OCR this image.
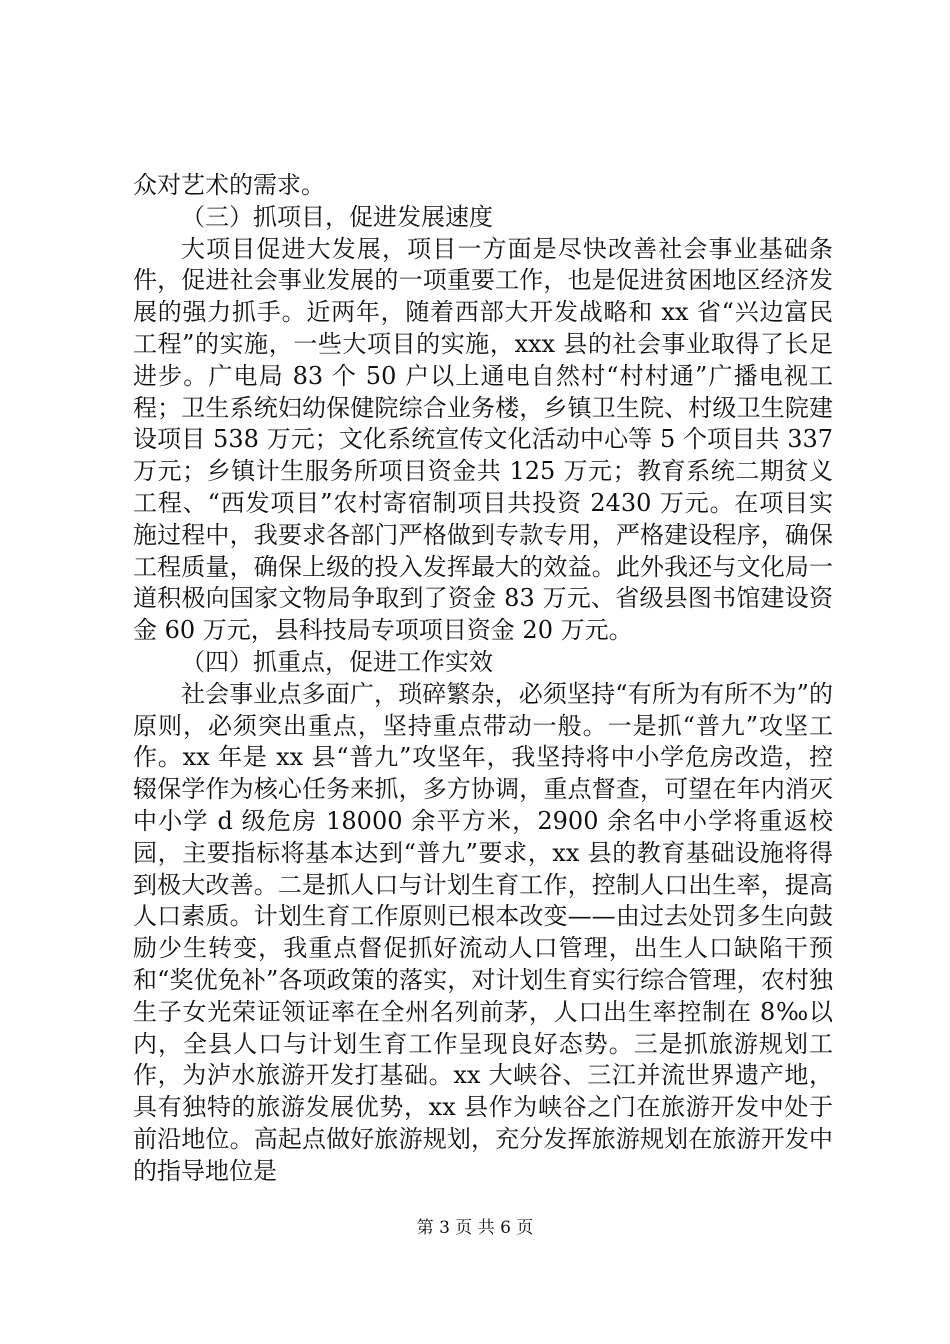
众对艺术的需求。

（三）抓项目，促进发展速度

大项目促进大发展，项目一方面是尽快改善社会事业基础条件，促进社会事业发展的一项重要工作，也是促进贫困地区经济发展的强力抓手。近两年，随着西部大开发战略和 xx 省“兴边富民工程”的实施，一些大项目的实施，xxx 县的社会事业取得了长足进步。广电局 83 个 50 户以上通电自然村“村村通”广播电视工程；卫生系统妇幼保健院综合业务楼，乡镇卫生院、村级卫生院建设项目 538 万元；文化系统宣传文化活动中心等 5 个项目共 337 万元；乡镇计生服务所项目资金共 125 万元；教育系统二期贫义工程、“西发项目”农村寄宿制项目共投资 2430 万元。在项目实施过程中，我要求各部门严格做到专款专用，严格建设程序，确保工程质量，确保上级的投入发挥最大的效益。此外我还与文化局一道积极向国家文物局争取到了资金 83 万元、省级县图书馆建设资金 60 万元，县科技局专项项目资金 20 万元。

（四）抓重点，促进工作实效

社会事业点多面广，琐碎繁杂，必须坚持“有所为有所不为”的原则，必须突出重点，坚持重点带动一般。一是抓“普九”攻坚工作。xx 年是 xx 县“普九”攻坚年，我坚持将中小学危房改造，控辍保学作为核心任务来抓，多方协调，重点督查，可望在年内消灭中小学 d 级危房 18000 余平方米，2900 余名中小学将重返校园，主要指标将基本达到“普九”要求，xx 县的教育基础设施将得到极大改善。二是抓人口与计划生育工作，控制人口出生率，提高人口素质。计划生育工作原则已根本改变——由过去处罚多生向鼓励少生转变，我重点督促抓好流动人口管理，出生人口缺陷干预和“奖优免补”各项政策的落实，对计划生育实行综合管理，农村独生子女光荣证领证率在全州名列前茅，人口出生率控制在 8‰以内，全县人口与计划生育工作呈现良好态势。三是抓旅游规划工作，为泸水旅游开发打基础。xx 大峡谷、三江并流世界遗产地，具有独特的旅游发展优势，xx 县作为峡谷之门在旅游开发中处于前沿地位。高起点做好旅游规划，充分发挥旅游规划在旅游开发中的指导地位是

第 3 页 共 6 页
